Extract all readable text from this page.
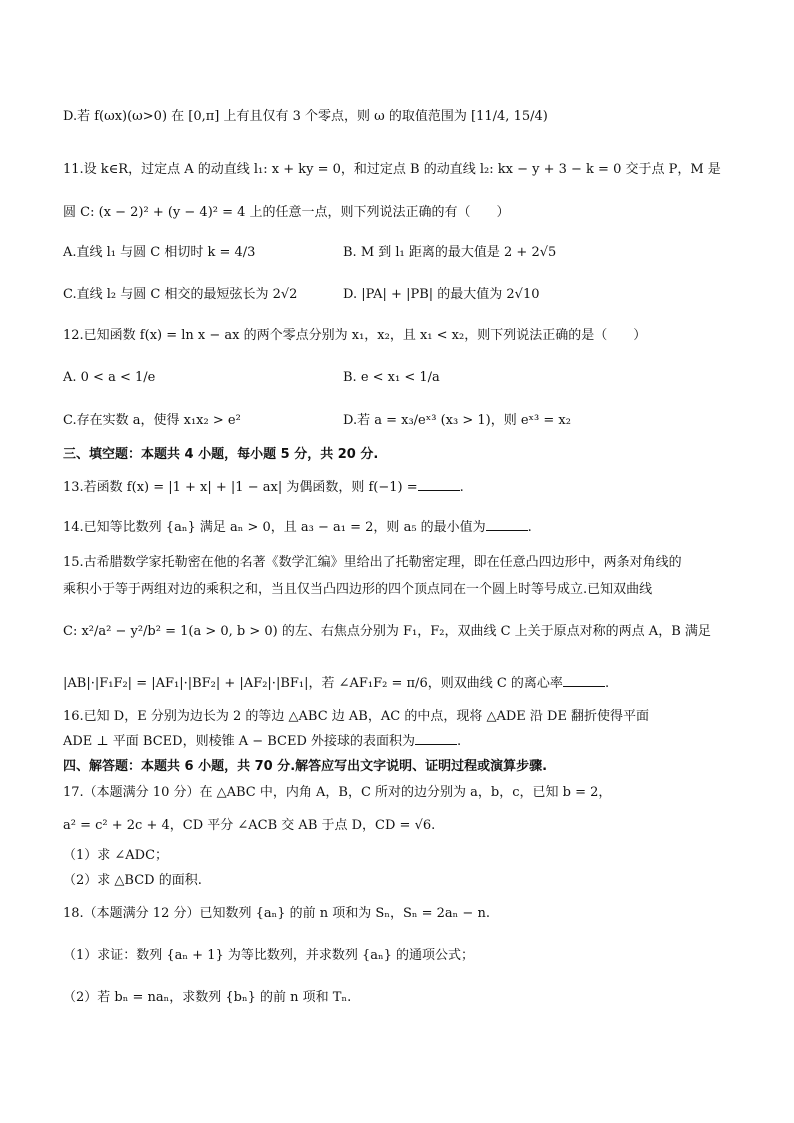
D.若 f(ωx)(ω>0) 在 [0,π] 上有且仅有 3 个零点，则 ω 的取值范围为 [11/4, 15/4)
11.设 k∈R，过定点 A 的动直线 l₁: x + ky = 0，和过定点 B 的动直线 l₂: kx − y + 3 − k = 0 交于点 P，M 是
圆 C: (x − 2)² + (y − 4)² = 4 上的任意一点，则下列说法正确的有（　　）
A.直线 l₁ 与圆 C 相切时 k = 4/3	B. M 到 l₁ 距离的最大值是 2 + 2√5
C.直线 l₂ 与圆 C 相交的最短弦长为 2√2	D. |PA| + |PB| 的最大值为 2√10
12.已知函数 f(x) = ln x − ax 的两个零点分别为 x₁，x₂，且 x₁ < x₂，则下列说法正确的是（　　）
A. 0 < a < 1/e	B. e < x₁ < 1/a
C.存在实数 a，使得 x₁x₂ > e²	D.若 a = x₃/eˣ³ (x₃ > 1)，则 eˣ³ = x₂
三、填空题：本题共 4 小题，每小题 5 分，共 20 分.
13.若函数 f(x) = |1 + x| + |1 − ax| 为偶函数，则 f(−1) =	.
14.已知等比数列 {aₙ} 满足 aₙ > 0，且 a₃ − a₁ = 2，则 a₅ 的最小值为	.
15.古希腊数学家托勒密在他的名著《数学汇编》里给出了托勒密定理，即在任意凸四边形中，两条对角线的
乘积小于等于两组对边的乘积之和，当且仅当凸四边形的四个顶点同在一个圆上时等号成立.已知双曲线
C: x²/a² − y²/b² = 1(a > 0, b > 0) 的左、右焦点分别为 F₁，F₂，双曲线 C 上关于原点对称的两点 A，B 满足
|AB|·|F₁F₂| = |AF₁|·|BF₂| + |AF₂|·|BF₁|，若 ∠AF₁F₂ = π/6，则双曲线 C 的离心率	.
16.已知 D，E 分别为边长为 2 的等边 △ABC 边 AB，AC 的中点，现将 △ADE 沿 DE 翻折使得平面
ADE ⊥ 平面 BCED，则棱锥 A − BCED 外接球的表面积为	.
四、解答题：本题共 6 小题，共 70 分.解答应写出文字说明、证明过程或演算步骤.
17.（本题满分 10 分）在 △ABC 中，内角 A，B，C 所对的边分别为 a，b，c，已知 b = 2，
a² = c² + 2c + 4，CD 平分 ∠ACB 交 AB 于点 D，CD = √6.
（1）求 ∠ADC；
（2）求 △BCD 的面积.
18.（本题满分 12 分）已知数列 {aₙ} 的前 n 项和为 Sₙ，Sₙ = 2aₙ − n.
（1）求证：数列 {aₙ + 1} 为等比数列，并求数列 {aₙ} 的通项公式；
（2）若 bₙ = naₙ，求数列 {bₙ} 的前 n 项和 Tₙ.
